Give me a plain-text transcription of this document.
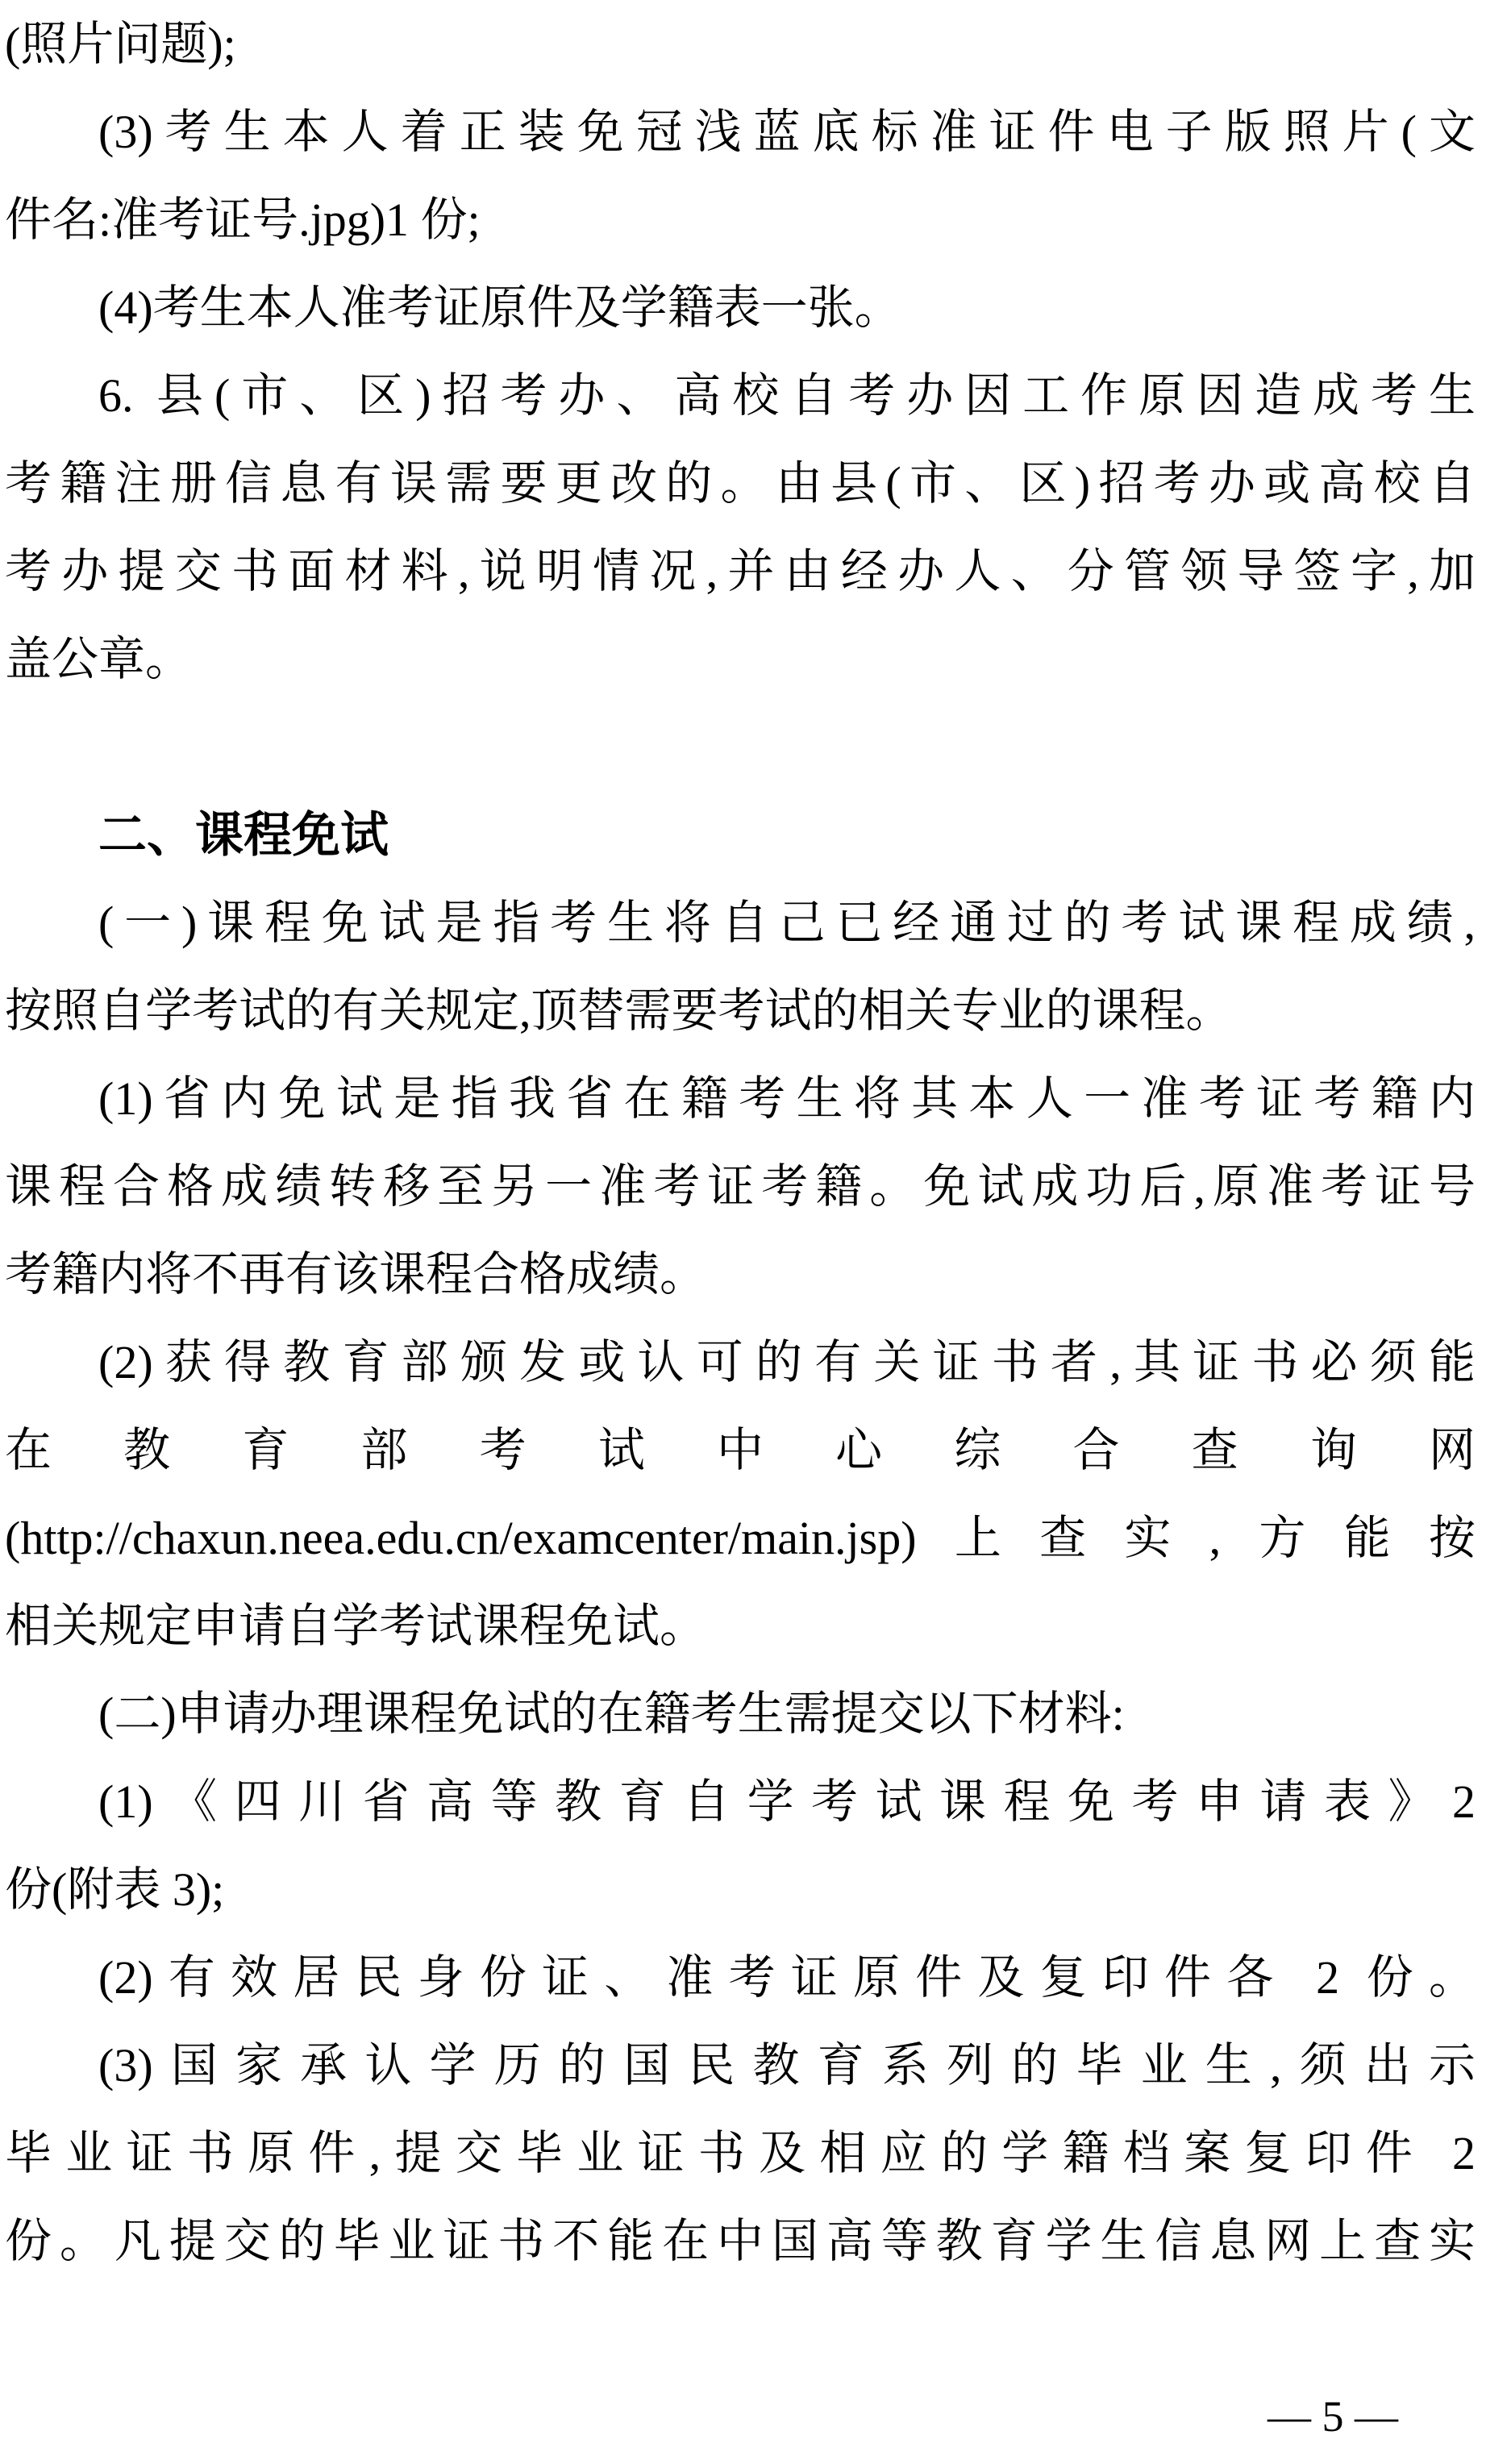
(照片问题);
(3)考生本人着正装免冠浅蓝底标准证件电子版照片(文
件名:准考证号.jpg)1 份;
(4)考生本人准考证原件及学籍表一张。
6. 县(市、区)招考办、高校自考办因工作原因造成考生
考籍注册信息有误需要更改的。由县(市、区)招考办或高校自
考办提交书面材料,说明情况,并由经办人、分管领导签字,加
盖公章。
二、课程免试
(一)课程免试是指考生将自己已经通过的考试课程成绩,
按照自学考试的有关规定,顶替需要考试的相关专业的课程。
(1)省内免试是指我省在籍考生将其本人一准考证考籍内
课程合格成绩转移至另一准考证考籍。免试成功后,原准考证号
考籍内将不再有该课程合格成绩。
(2)获得教育部颁发或认可的有关证书者,其证书必须能
在教育部考试中心综合查询网
(http://chaxun.neea.edu.cn/examcenter/main.jsp)上查实,方能按
相关规定申请自学考试课程免试。
(二)申请办理课程免试的在籍考生需提交以下材料:
(1)《四川省高等教育自学考试课程免考申请表》2
份(附表 3);
(2)有效居民身份证、准考证原件及复印件各 2 份。
(3)国家承认学历的国民教育系列的毕业生,须出示
毕业证书原件,提交毕业证书及相应的学籍档案复印件 2
份。凡提交的毕业证书不能在中国高等教育学生信息网上查实
— 5 —
